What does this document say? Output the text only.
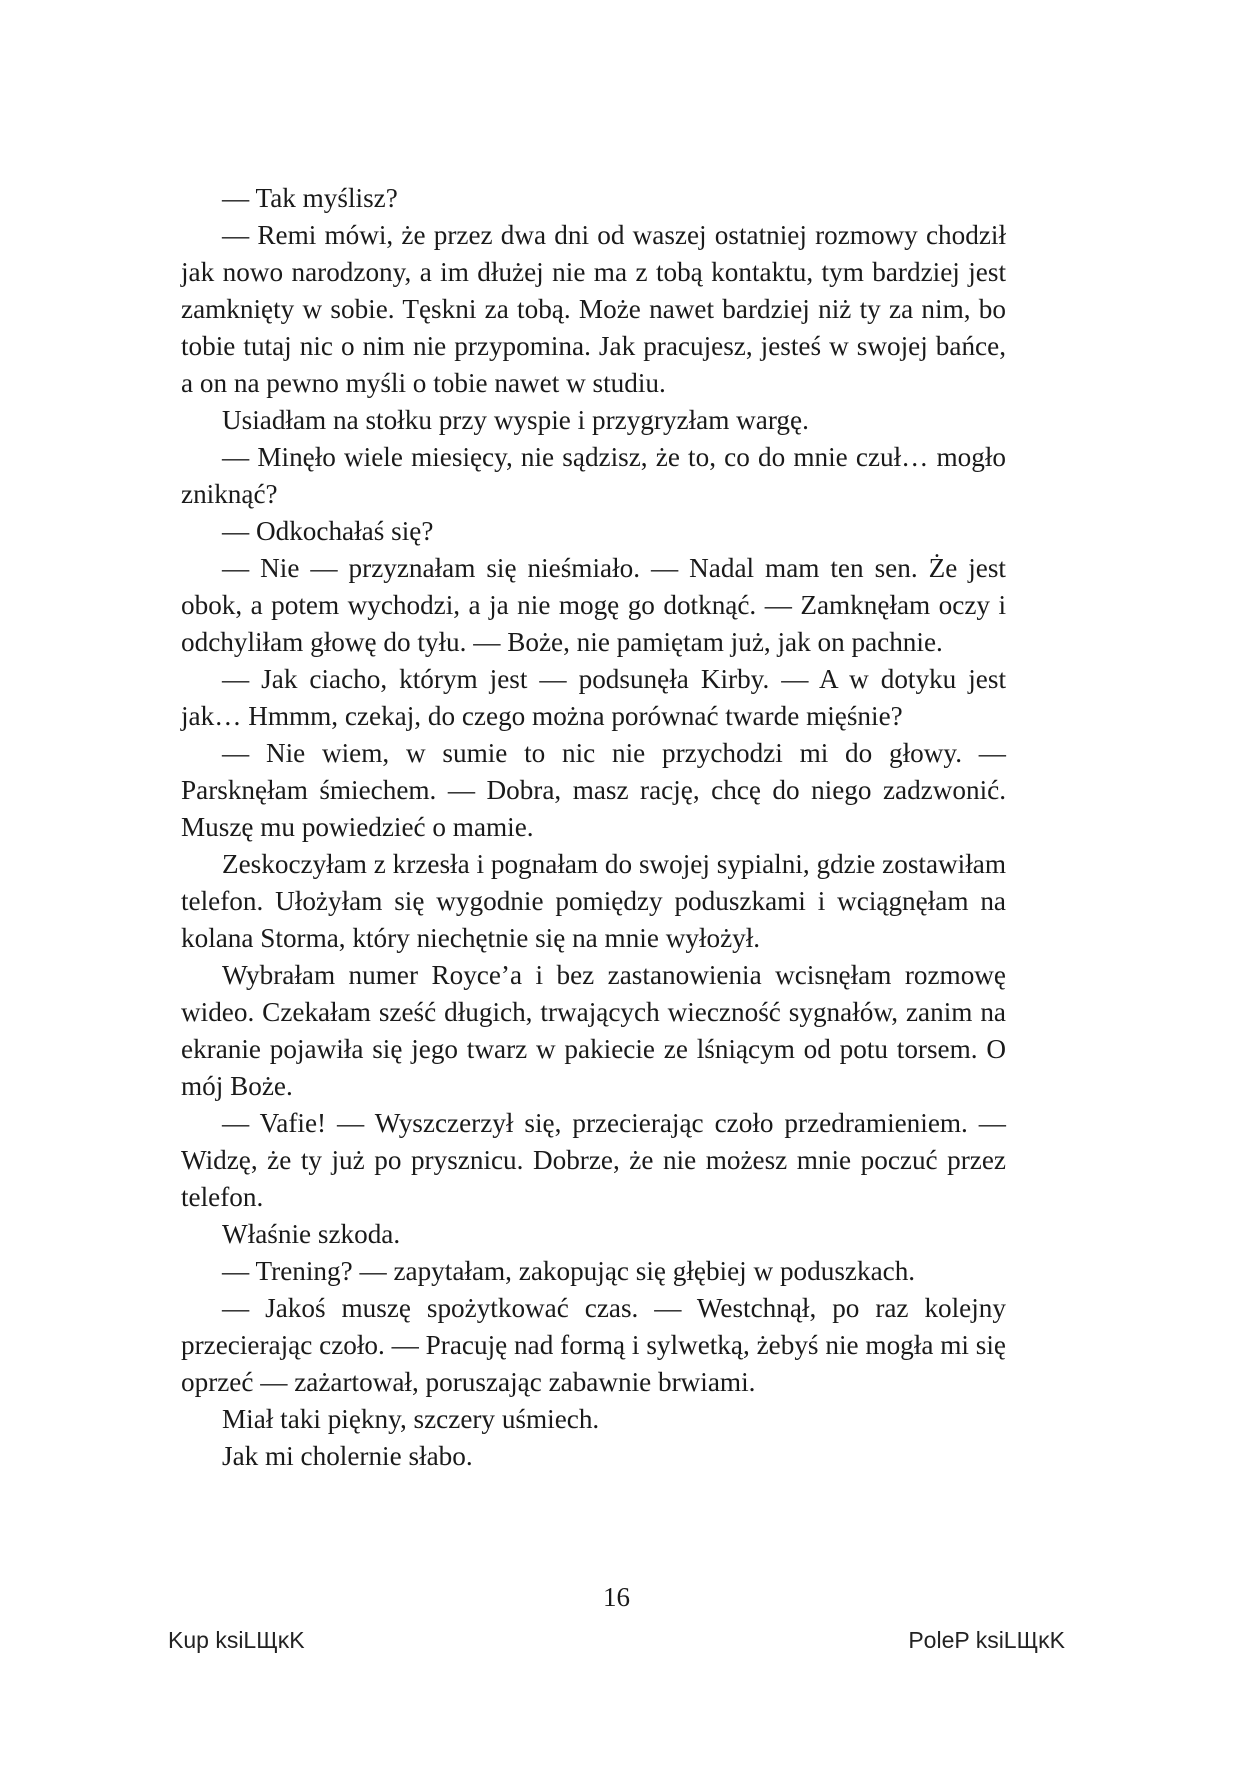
— Tak myślisz?

— Remi mówi, że przez dwa dni od waszej ostatniej rozmowy chodził jak nowo narodzony, a im dłużej nie ma z tobą kontaktu, tym bardziej jest zamknięty w sobie. Tęskni za tobą. Może nawet bardziej niż ty za nim, bo tobie tutaj nic o nim nie przypomina. Jak pracujesz, jesteś w swojej bańce, a on na pewno myśli o tobie nawet w studiu.

Usiadłam na stołku przy wyspie i przygryzłam wargę.

— Minęło wiele miesięcy, nie sądzisz, że to, co do mnie czuł… mogło zniknąć?

— Odkochałaś się?

— Nie — przyznałam się nieśmiało. — Nadal mam ten sen. Że jest obok, a potem wychodzi, a ja nie mogę go dotknąć. — Zamknęłam oczy i odchyliłam głowę do tyłu. — Boże, nie pamiętam już, jak on pachnie.

— Jak ciacho, którym jest — podsunęła Kirby. — A w dotyku jest jak… Hmmm, czekaj, do czego można porównać twarde mięśnie?

— Nie wiem, w sumie to nic nie przychodzi mi do głowy. — Parsknęłam śmiechem. — Dobra, masz rację, chcę do niego zadzwonić. Muszę mu powiedzieć o mamie.

Zeskoczyłam z krzesła i pognałam do swojej sypialni, gdzie zostawiłam telefon. Ułożyłam się wygodnie pomiędzy poduszkami i wciągnęłam na kolana Storma, który niechętnie się na mnie wyłożył.

Wybrałam numer Royce’a i bez zastanowienia wcisnęłam rozmowę wideo. Czekałam sześć długich, trwających wieczność sygnałów, zanim na ekranie pojawiła się jego twarz w pakiecie ze lśniącym od potu torsem. O mój Boże.

— Vafie! — Wyszczerzył się, przecierając czoło przedramieniem. — Widzę, że ty już po prysznicu. Dobrze, że nie możesz mnie poczuć przez telefon.

Właśnie szkoda.

— Trening? — zapytałam, zakopując się głębiej w poduszkach.

— Jakoś muszę spożytkować czas. — Westchnął, po raz kolejny przecierając czoło. — Pracuję nad formą i sylwetką, żebyś nie mogła mi się oprzeć — zażartował, poruszając zabawnie brwiami.

Miał taki piękny, szczery uśmiech.

Jak mi cholernie słabo.

16
Kup ksiLЩĸK	PoleP ksiLЩĸK
